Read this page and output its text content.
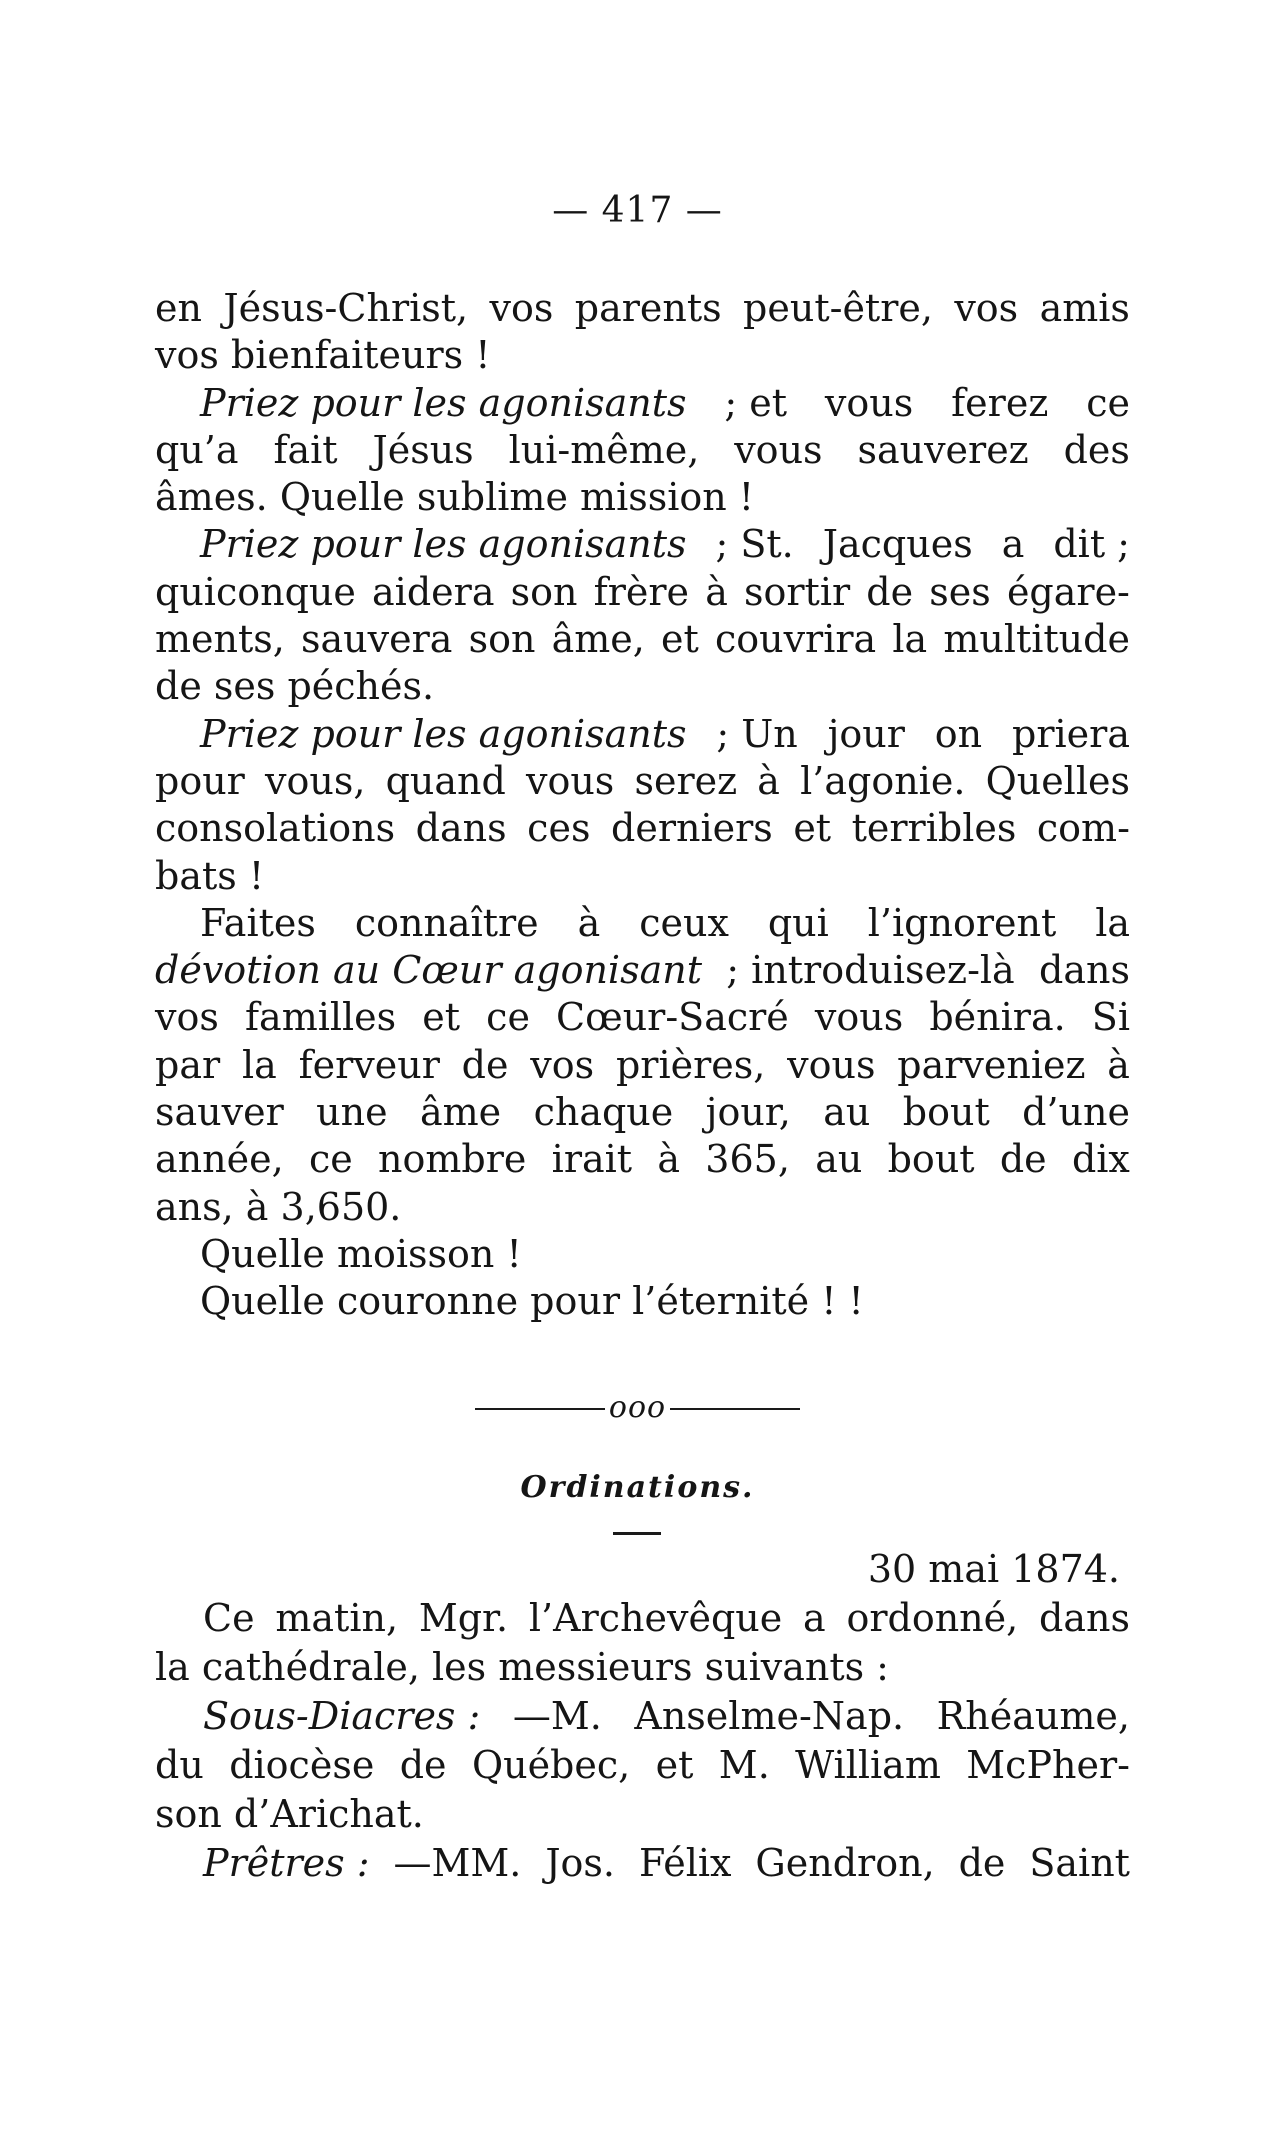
— 417 —
en Jésus-Christ, vos parents peut-être, vos amis
vos bienfaiteurs !
Priez pour les agonisants ; et vous ferez ce
qu’a fait Jésus lui-même, vous sauverez des
âmes. Quelle sublime mission !
Priez pour les agonisants ; St. Jacques a dit ;
quiconque aidera son frère à sortir de ses égare-
ments, sauvera son âme, et couvrira la multitude
de ses péchés.
Priez pour les agonisants ; Un jour on priera
pour vous, quand vous serez à l’agonie. Quelles
consolations dans ces derniers et terribles com-
bats !
Faites connaître à ceux qui l’ignorent la
dévotion au Cœur agonisant ; introduisez-là dans
vos familles et ce Cœur-Sacré vous bénira. Si
par la ferveur de vos prières, vous parveniez à
sauver une âme chaque jour, au bout d’une
année, ce nombre irait à 365, au bout de dix
ans, à 3,650.
Quelle moisson !
Quelle couronne pour l’éternité ! !
ooo
Ordinations.
30 mai 1874.
Ce matin, Mgr. l’Archevêque a ordonné, dans
la cathédrale, les messieurs suivants :
Sous-Diacres : —M. Anselme-Nap. Rhéaume,
du diocèse de Québec, et M. William McPher-
son d’Arichat.
Prêtres : —MM. Jos. Félix Gendron, de Saint
